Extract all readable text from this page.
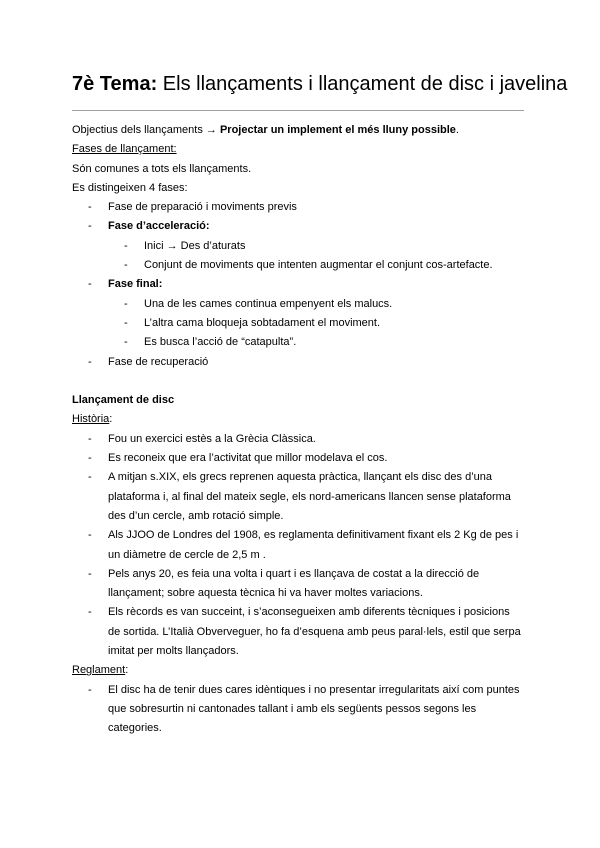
7è Tema: Els llançaments i llançament de disc i javelina

Objectius dels llançaments → Projectar un implement el més lluny possible.

Fases de llançament:

Són comunes a tots els llançaments.

Es distingeixen 4 fases:

- Fase de preparació i moviments previs
- Fase d’acceleració:
- Inici → Des d’aturats
- Conjunt de moviments que intenten augmentar el conjunt cos-artefacte.
- Fase final:
- Una de les cames continua empenyent els malucs.
- L’altra cama bloqueja sobtadament el moviment.
- Es busca l’acció de “catapulta”.
- Fase de recuperació

Llançament de disc

Història:

- Fou un exercici estès a la Grècia Clàssica.
- Es reconeix que era l’activitat que millor modelava el cos.
- A mitjan s.XIX, els grecs reprenen aquesta pràctica, llançant els disc des d’una plataforma i, al final del mateix segle, els nord-americans llancen sense plataforma des d’un cercle, amb rotació simple.
- Als JJOO de Londres del 1908, es reglamenta definitivament fixant els 2 Kg de pes i un diàmetre de cercle de 2,5 m .
- Pels anys 20, es feia una volta i quart i es llançava de costat a la direcció de llançament; sobre aquesta tècnica hi va haver moltes variacions.
- Els rècords es van succeint, i s’aconsegueixen amb diferents tècniques i posicions de sortida. L’Italià Obverveguer, ho fa d’esquena amb peus paral·lels, estil que serpa imitat per molts llançadors.

Reglament:

- El disc ha de tenir dues cares idèntiques i no presentar irregularitats així com puntes que sobresurtin ni cantonades tallant i amb els següents pessos segons les categories.
